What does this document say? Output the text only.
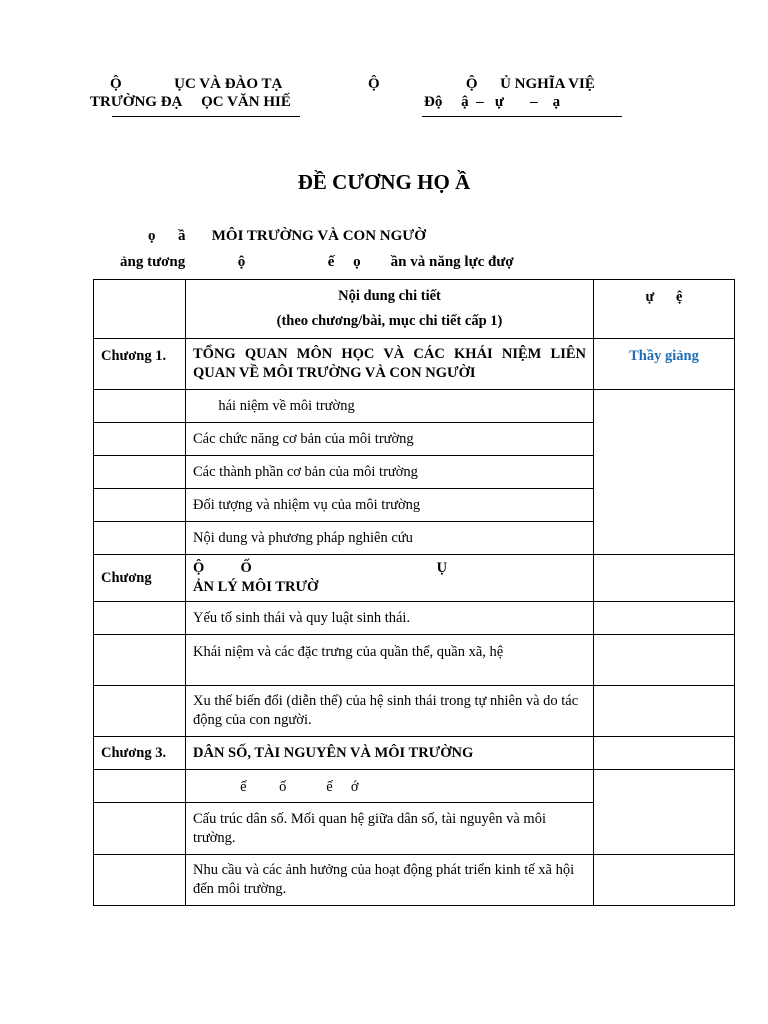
Ộ              ỤC VÀ ĐÀO TẠ
TRƯỜNG ĐẠ     ỌC VĂN HIẾ
Ộ                       Ộ      Ủ NGHĨA VIỆ
Độ     ậ  –   ự       –    ạ
ĐỀ CƯƠNG HỌ Ầ
ọ      ầ MÔI TRƯỜNG VÀ CON NGƯỜ
ảng tương              ộ                      ế     ọ        ần và năng lực đượ

	Nội dung chi tiết
(theo chương/bài, mục chi tiết cấp 1)	ự      ệ
Chương 1.	TỔNG QUAN MÔN HỌC VÀ CÁC KHÁI NIỆM LIÊN QUAN VỀ MÔI TRƯỜNG VÀ CON NGƯỜI	Thầy giảng
	hái niệm về môi trường	
	Các chức năng cơ bản của môi trường	
	Các thành phần cơ bản của môi trường	
	Đối tượng và nhiệm vụ của môi trường	
	Nội dung và phương pháp nghiên cứu	
Chương	Ộ          Ố                                                   Ụ
ẢN LÝ MÔI TRƯỜ	

	Yếu tố sinh thái và quy luật sinh thái.	
	Khái niệm và các đặc trưng của quần thể, quần xã, hệ	
	Xu thế biến đổi (diễn thế) của hệ sinh thái trong tự nhiên và do tác động của con người.	
Chương 3.	DÂN SỐ, TÀI NGUYÊN VÀ MÔI TRƯỜNG	
	ế         ố           ế     ớ	
	Cấu trúc dân số. Mối quan hệ giữa dân số, tài nguyên và môi trường.	
	Nhu cầu và các ảnh hưởng của hoạt động phát triển kinh tế xã hội đến môi trường.	
